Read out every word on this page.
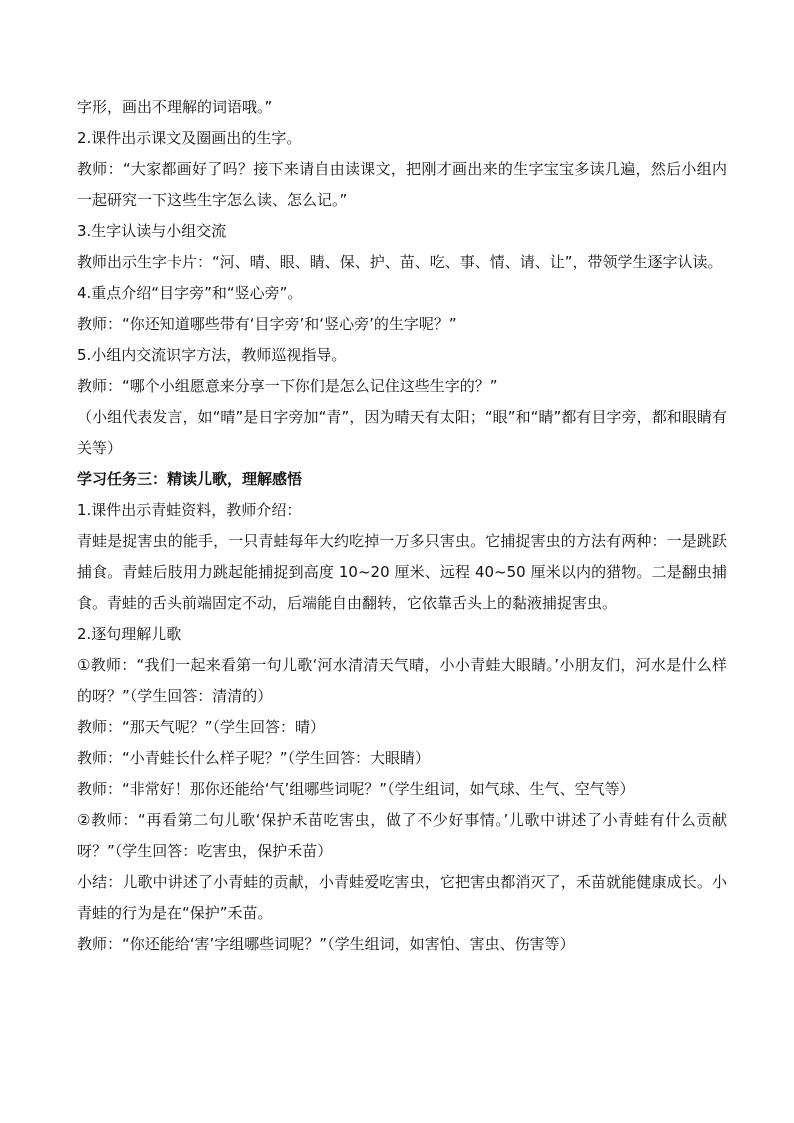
字形，画出不理解的词语哦。”

2.课件出示课文及圈画出的生字。

教师：“大家都画好了吗？接下来请自由读课文，把刚才画出来的生字宝宝多读几遍，然后小组内一起研究一下这些生字怎么读、怎么记。”

3.生字认读与小组交流

教师出示生字卡片：“河、晴、眼、睛、保、护、苗、吃、事、情、请、让”，带领学生逐字认读。

4.重点介绍“目字旁”和“竖心旁”。

教师：“你还知道哪些带有‘目字旁’和‘竖心旁’的生字呢？”

5.小组内交流识字方法，教师巡视指导。

教师：“哪个小组愿意来分享一下你们是怎么记住这些生字的？”

（小组代表发言，如“晴”是日字旁加“青”，因为晴天有太阳；“眼”和“睛”都有目字旁，都和眼睛有关等）

学习任务三：精读儿歌，理解感悟

1.课件出示青蛙资料，教师介绍：

青蛙是捉害虫的能手，一只青蛙每年大约吃掉一万多只害虫。它捕捉害虫的方法有两种：一是跳跃捕食。青蛙后肢用力跳起能捕捉到高度 10~20 厘米、远程 40~50 厘米以内的猎物。二是翻虫捕食。青蛙的舌头前端固定不动，后端能自由翻转，它依靠舌头上的黏液捕捉害虫。

2.逐句理解儿歌

①教师：“我们一起来看第一句儿歌‘河水清清天气晴，小小青蛙大眼睛。’小朋友们，河水是什么样的呀？”（学生回答：清清的）

教师：“那天气呢？”（学生回答：晴）

教师：“小青蛙长什么样子呢？”（学生回答：大眼睛）

教师：“非常好！那你还能给‘气’组哪些词呢？”（学生组词，如气球、生气、空气等）

②教师：“再看第二句儿歌‘保护禾苗吃害虫，做了不少好事情。’儿歌中讲述了小青蛙有什么贡献呀？”（学生回答：吃害虫，保护禾苗）

小结：儿歌中讲述了小青蛙的贡献，小青蛙爱吃害虫，它把害虫都消灭了，禾苗就能健康成长。小青蛙的行为是在“保护”禾苗。

教师：“你还能给‘害’字组哪些词呢？”（学生组词，如害怕、害虫、伤害等）
